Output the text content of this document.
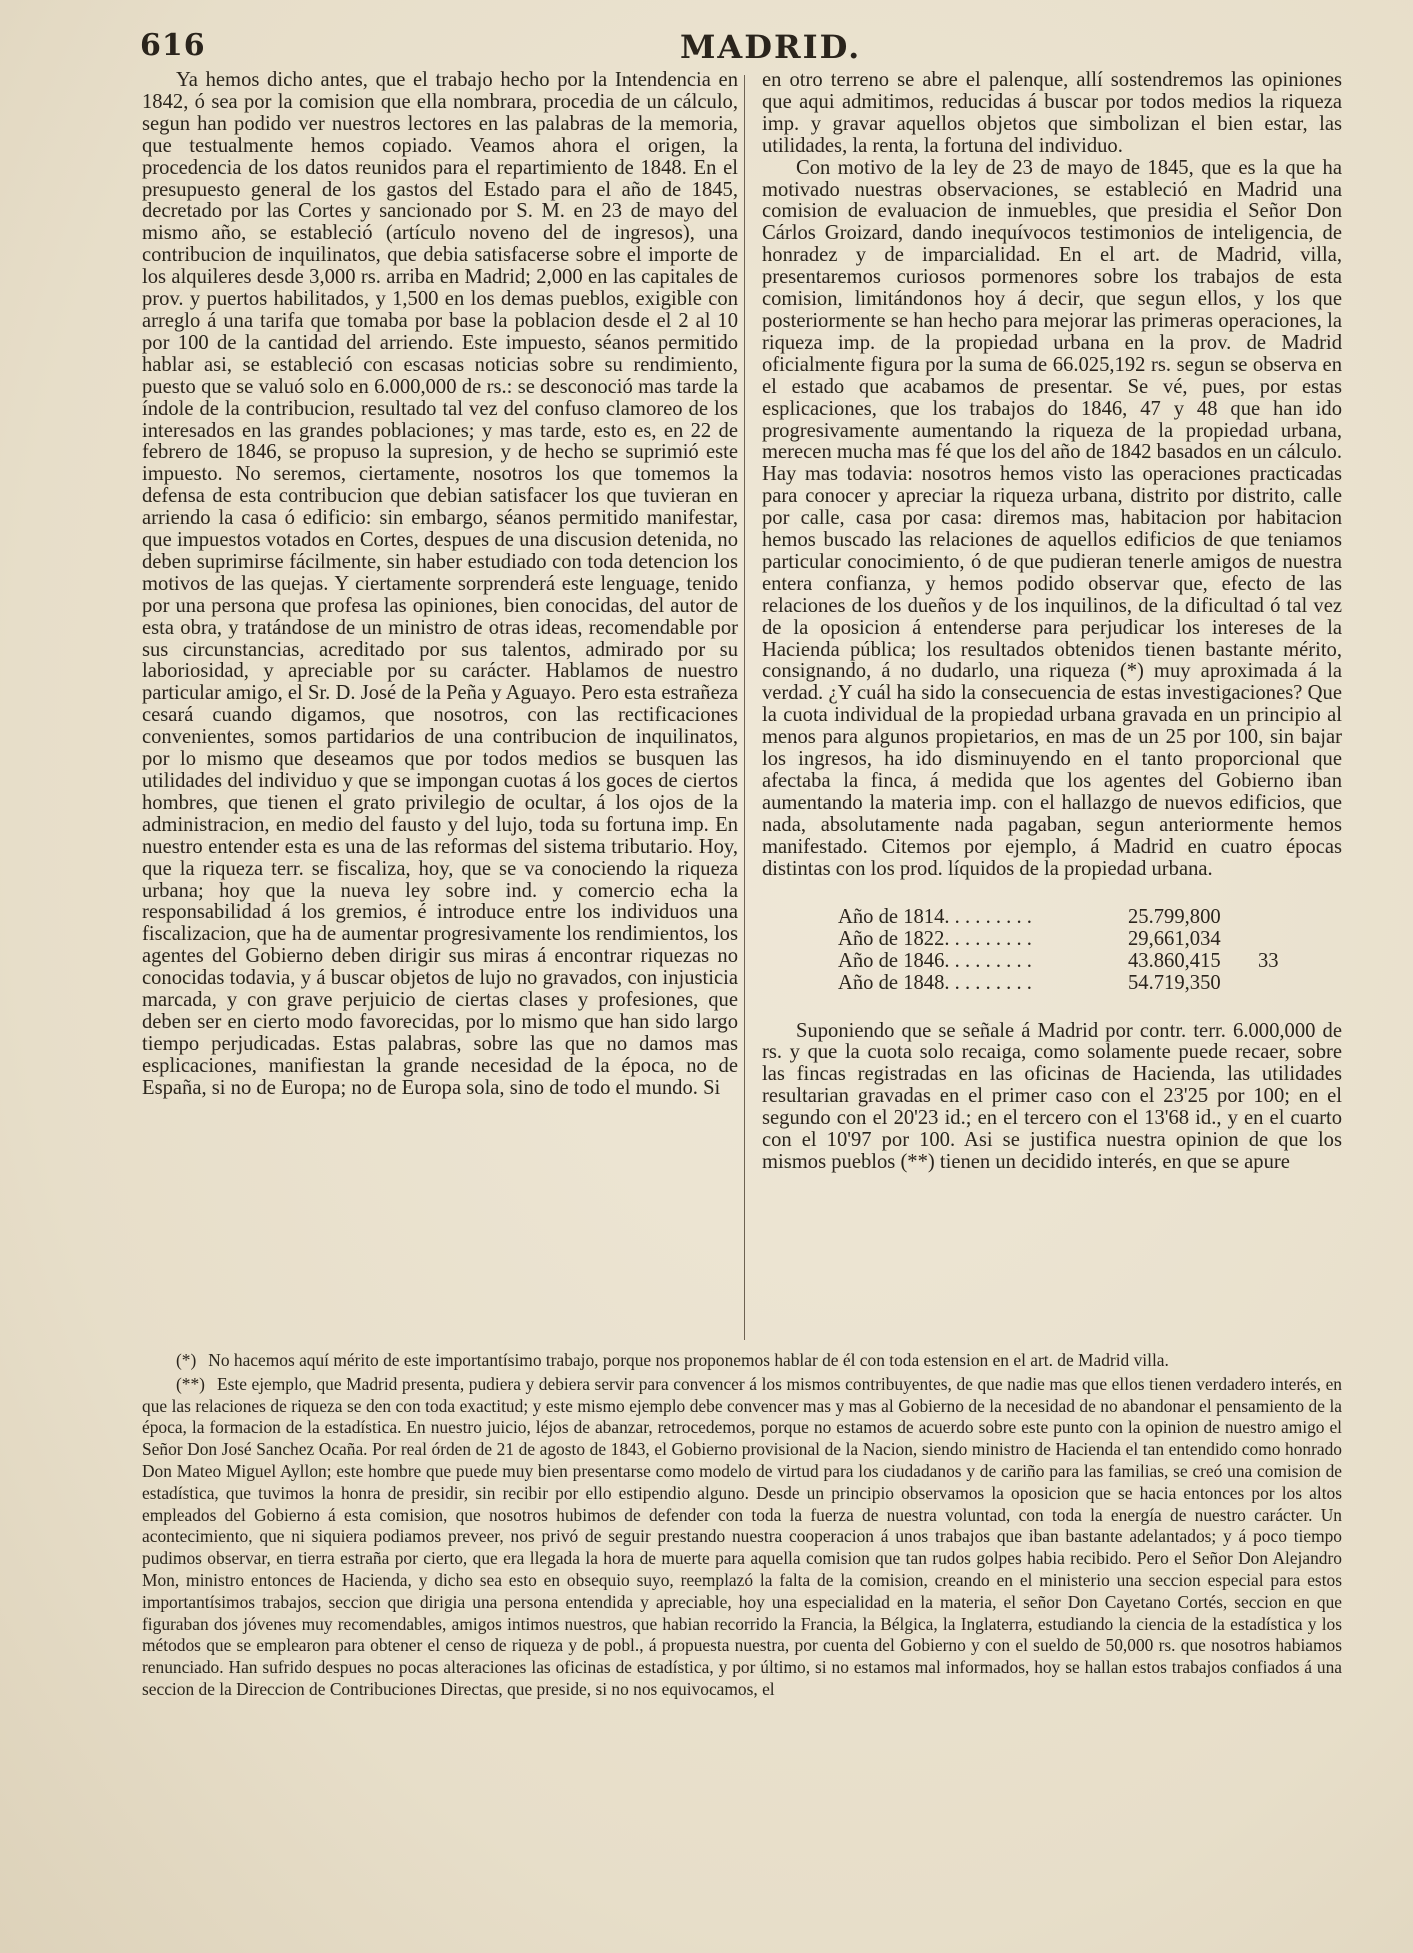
616	MADRID.

Ya hemos dicho antes, que el trabajo hecho por la Intendencia en 1842, ó sea por la comision que ella nombrara, procedia de un cálculo, segun han podido ver nuestros lectores en las palabras de la memoria, que testualmente hemos copiado. Veamos ahora el origen, la procedencia de los datos reunidos para el repartimiento de 1848. En el presupuesto general de los gastos del Estado para el año de 1845, decretado por las Cortes y sancionado por S. M. en 23 de mayo del mismo año, se estableció (artículo noveno del de ingresos), una contribucion de inquilinatos, que debia satisfacerse sobre el importe de los alquileres desde 3,000 rs. arriba en Madrid; 2,000 en las capitales de prov. y puertos habilitados, y 1,500 en los demas pueblos, exigible con arreglo á una tarifa que tomaba por base la poblacion desde el 2 al 10 por 100 de la cantidad del arriendo. Este impuesto, séanos permitido hablar asi, se estableció con escasas noticias sobre su rendimiento, puesto que se valuó solo en 6.000,000 de rs.: se desconoció mas tarde la índole de la contribucion, resultado tal vez del confuso clamoreo de los interesados en las grandes poblaciones; y mas tarde, esto es, en 22 de febrero de 1846, se propuso la supresion, y de hecho se suprimió este impuesto. No seremos, ciertamente, nosotros los que tomemos la defensa de esta contribucion que debian satisfacer los que tuvieran en arriendo la casa ó edificio: sin embargo, séanos permitido manifestar, que impuestos votados en Cortes, despues de una discusion detenida, no deben suprimirse fácilmente, sin haber estudiado con toda detencion los motivos de las quejas. Y ciertamente sorprenderá este lenguage, tenido por una persona que profesa las opiniones, bien conocidas, del autor de esta obra, y tratándose de un ministro de otras ideas, recomendable por sus circunstancias, acreditado por sus talentos, admirado por su laboriosidad, y apreciable por su carácter. Hablamos de nuestro particular amigo, el Sr. D. José de la Peña y Aguayo. Pero esta estrañeza cesará cuando digamos, que nosotros, con las rectificaciones convenientes, somos partidarios de una contribucion de inquilinatos, por lo mismo que deseamos que por todos medios se busquen las utilidades del individuo y que se impongan cuotas á los goces de ciertos hombres, que tienen el grato privilegio de ocultar, á los ojos de la administracion, en medio del fausto y del lujo, toda su fortuna imp. En nuestro entender esta es una de las reformas del sistema tributario. Hoy, que la riqueza terr. se fiscaliza, hoy, que se va conociendo la riqueza urbana; hoy que la nueva ley sobre ind. y comercio echa la responsabilidad á los gremios, é introduce entre los individuos una fiscalizacion, que ha de aumentar progresivamente los rendimientos, los agentes del Gobierno deben dirigir sus miras á encontrar riquezas no conocidas todavia, y á buscar objetos de lujo no gravados, con injusticia marcada, y con grave perjuicio de ciertas clases y profesiones, que deben ser en cierto modo favorecidas, por lo mismo que han sido largo tiempo perjudicadas. Estas palabras, sobre las que no damos mas esplicaciones, manifiestan la grande necesidad de la época, no de España, si no de Europa; no de Europa sola, sino de todo el mundo. Si

en otro terreno se abre el palenque, allí sostendremos las opiniones que aqui admitimos, reducidas á buscar por todos medios la riqueza imp. y gravar aquellos objetos que simbolizan el bien estar, las utilidades, la renta, la fortuna del individuo.

Con motivo de la ley de 23 de mayo de 1845, que es la que ha motivado nuestras observaciones, se estableció en Madrid una comision de evaluacion de inmuebles, que presidia el Señor Don Cárlos Groizard, dando inequívocos testimonios de inteligencia, de honradez y de imparcialidad. En el art. de Madrid, villa, presentaremos curiosos pormenores sobre los trabajos de esta comision, limitándonos hoy á decir, que segun ellos, y los que posteriormente se han hecho para mejorar las primeras operaciones, la riqueza imp. de la propiedad urbana en la prov. de Madrid oficialmente figura por la suma de 66.025,192 rs. segun se observa en el estado que acabamos de presentar. Se vé, pues, por estas esplicaciones, que los trabajos do 1846, 47 y 48 que han ido progresivamente aumentando la riqueza de la propiedad urbana, merecen mucha mas fé que los del año de 1842 basados en un cálculo. Hay mas todavia: nosotros hemos visto las operaciones practicadas para conocer y apreciar la riqueza urbana, distrito por distrito, calle por calle, casa por casa: diremos mas, habitacion por habitacion hemos buscado las relaciones de aquellos edificios de que teniamos particular conocimiento, ó de que pudieran tenerle amigos de nuestra entera confianza, y hemos podido observar que, efecto de las relaciones de los dueños y de los inquilinos, de la dificultad ó tal vez de la oposicion á entenderse para perjudicar los intereses de la Hacienda pública; los resultados obtenidos tienen bastante mérito, consignando, á no dudarlo, una riqueza (*) muy aproximada á la verdad. ¿Y cuál ha sido la consecuencia de estas investigaciones? Que la cuota individual de la propiedad urbana gravada en un principio al menos para algunos propietarios, en mas de un 25 por 100, sin bajar los ingresos, ha ido disminuyendo en el tanto proporcional que afectaba la finca, á medida que los agentes del Gobierno iban aumentando la materia imp. con el hallazgo de nuevos edificios, que nada, absolutamente nada pagaban, segun anteriormente hemos manifestado. Citemos por ejemplo, á Madrid en cuatro épocas distintas con los prod. líquidos de la propiedad urbana.

Año de 1814. . . . . . . . .	25.799,800	
Año de 1822. . . . . . . . .	29,661,034	
Año de 1846. . . . . . . . .	43.860,415	33
Año de 1848. . . . . . . . .	54.719,350	

Suponiendo que se señale á Madrid por contr. terr. 6.000,000 de rs. y que la cuota solo recaiga, como solamente puede recaer, sobre las fincas registradas en las oficinas de Hacienda, las utilidades resultarian gravadas en el primer caso con el 23'25 por 100; en el segundo con el 20'23 id.; en el tercero con el 13'68 id., y en el cuarto con el 10'97 por 100. Asi se justifica nuestra opinion de que los mismos pueblos (**) tienen un decidido interés, en que se apure

(*) No hacemos aquí mérito de este importantísimo trabajo, porque nos proponemos hablar de él con toda estension en el art. de Madrid villa.

(**) Este ejemplo, que Madrid presenta, pudiera y debiera servir para convencer á los mismos contribuyentes, de que nadie mas que ellos tienen verdadero interés, en que las relaciones de riqueza se den con toda exactitud; y este mismo ejemplo debe convencer mas y mas al Gobierno de la necesidad de no abandonar el pensamiento de la época, la formacion de la estadística. En nuestro juicio, léjos de abanzar, retrocedemos, porque no estamos de acuerdo sobre este punto con la opinion de nuestro amigo el Señor Don José Sanchez Ocaña. Por real órden de 21 de agosto de 1843, el Gobierno provisional de la Nacion, siendo ministro de Hacienda el tan entendido como honrado Don Mateo Miguel Ayllon; este hombre que puede muy bien presentarse como modelo de virtud para los ciudadanos y de cariño para las familias, se creó una comision de estadística, que tuvimos la honra de presidir, sin recibir por ello estipendio alguno. Desde un principio observamos la oposicion que se hacia entonces por los altos empleados del Gobierno á esta comision, que nosotros hubimos de defender con toda la fuerza de nuestra voluntad, con toda la energía de nuestro carácter. Un acontecimiento, que ni siquiera podiamos preveer, nos privó de seguir prestando nuestra cooperacion á unos trabajos que iban bastante adelantados; y á poco tiempo pudimos observar, en tierra estraña por cierto, que era llegada la hora de muerte para aquella comision que tan rudos golpes habia recibido. Pero el Señor Don Alejandro Mon, ministro entonces de Hacienda, y dicho sea esto en obsequio suyo, reemplazó la falta de la comision, creando en el ministerio una seccion especial para estos importantísimos trabajos, seccion que dirigia una persona entendida y apreciable, hoy una especialidad en la materia, el señor Don Cayetano Cortés, seccion en que figuraban dos jóvenes muy recomendables, amigos intimos nuestros, que habian recorrido la Francia, la Bélgica, la Inglaterra, estudiando la ciencia de la estadística y los métodos que se emplearon para obtener el censo de riqueza y de pobl., á propuesta nuestra, por cuenta del Gobierno y con el sueldo de 50,000 rs. que nosotros habiamos renunciado. Han sufrido despues no pocas alteraciones las oficinas de estadística, y por último, si no estamos mal informados, hoy se hallan estos trabajos confiados á una seccion de la Direccion de Contribuciones Directas, que preside, si no nos equivocamos, el
